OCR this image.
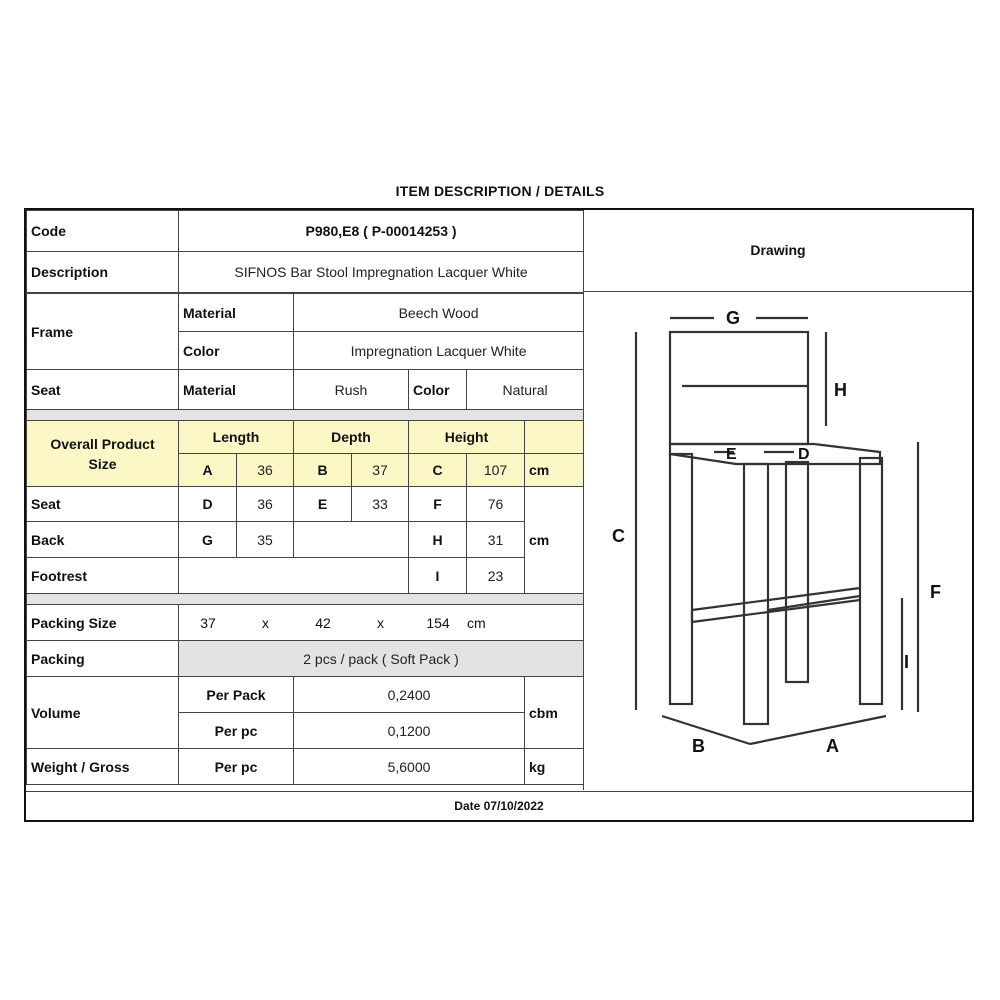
ITEM DESCRIPTION / DETAILS
Code	P980,E8 ( P-00014253 )						
Description	SIFNOS Bar Stool Impregnation Lacquer White						

Frame	Material		Beech Wood				
	Color		Impregnation Lacquer White				
Seat	Material		Rush		Color	Natural	

Overall Product
Size	Length		Depth		Height		
	A	36	B	37	C	107	cm
Seat	D	36	E	33	F	76	cm
Back	G	35			H	31	
Footrest					I	23	

Packing Size	37 x 42 x 154 cm						
Packing	2 pcs / pack ( Soft Pack )						
Volume	Per Pack		0,2400				cbm
	Per pc		0,1200				
Weight / Gross	Per pc		5,6000				kg
Drawing
G
H
C
E	D
F
I
B	A
Date 07/10/2022
